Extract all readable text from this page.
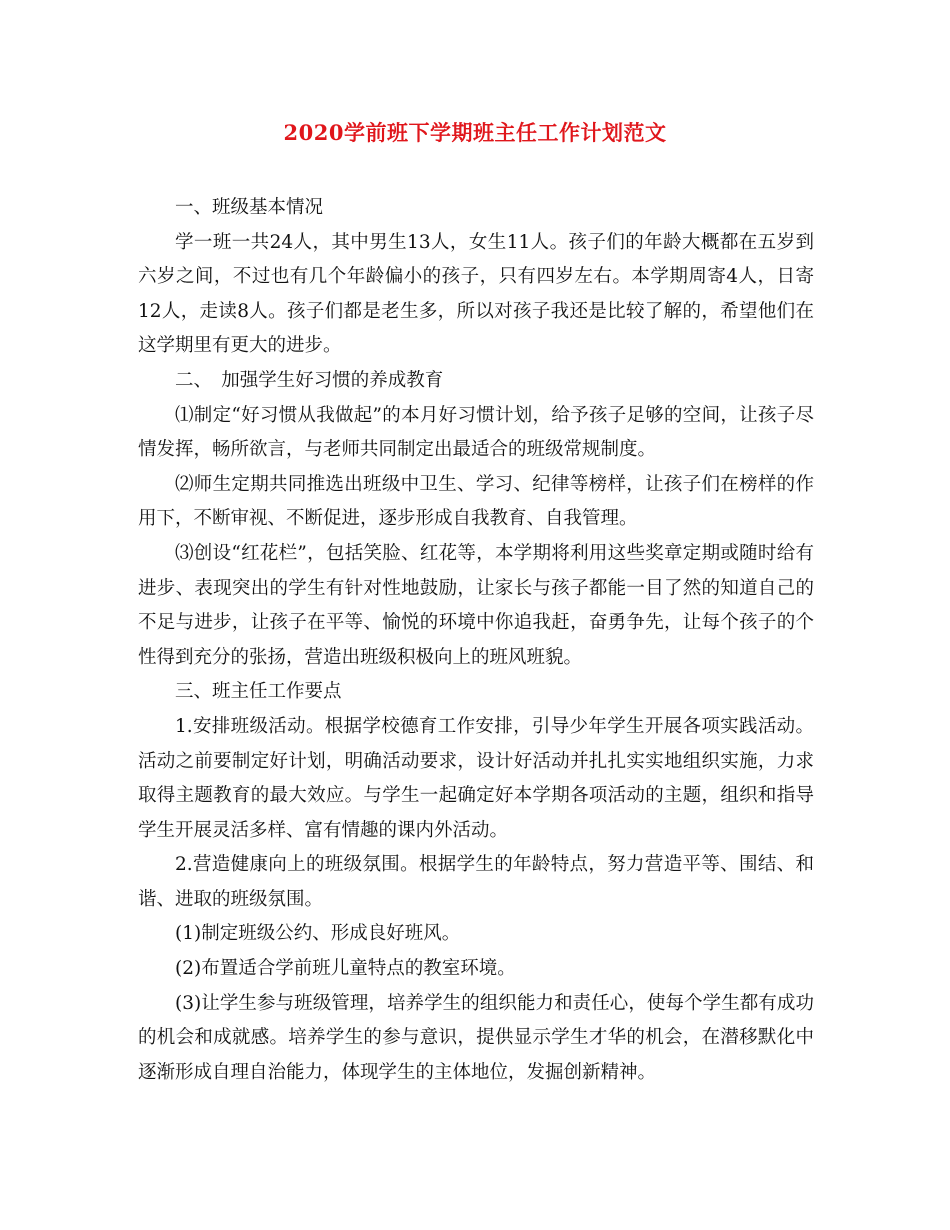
2020学前班下学期班主任工作计划范文

一、班级基本情况

学一班一共24人，其中男生13人，女生11人。孩子们的年龄大概都在五岁到六岁之间，不过也有几个年龄偏小的孩子，只有四岁左右。本学期周寄4人，日寄12人，走读8人。孩子们都是老生多，所以对孩子我还是比较了解的，希望他们在这学期里有更大的进步。

二、　加强学生好习惯的养成教育

⑴制定“好习惯从我做起”的本月好习惯计划，给予孩子足够的空间，让孩子尽情发挥，畅所欲言，与老师共同制定出最适合的班级常规制度。

⑵师生定期共同推选出班级中卫生、学习、纪律等榜样，让孩子们在榜样的作用下，不断审视、不断促进，逐步形成自我教育、自我管理。

⑶创设“红花栏”，包括笑脸、红花等，本学期将利用这些奖章定期或随时给有进步、表现突出的学生有针对性地鼓励，让家长与孩子都能一目了然的知道自己的不足与进步，让孩子在平等、愉悦的环境中你追我赶，奋勇争先，让每个孩子的个性得到充分的张扬，营造出班级积极向上的班风班貌。

三、班主任工作要点

1.安排班级活动。根据学校德育工作安排，引导少年学生开展各项实践活动。活动之前要制定好计划，明确活动要求，设计好活动并扎扎实实地组织实施，力求取得主题教育的最大效应。与学生一起确定好本学期各项活动的主题，组织和指导学生开展灵活多样、富有情趣的课内外活动。

2.营造健康向上的班级氛围。根据学生的年龄特点，努力营造平等、围结、和谐、进取的班级氛围。

(1)制定班级公约、形成良好班风。

(2)布置适合学前班儿童特点的教室环境。

(3)让学生参与班级管理，培养学生的组织能力和责任心，使每个学生都有成功的机会和成就感。培养学生的参与意识，提供显示学生才华的机会，在潜移默化中逐渐形成自理自治能力，体现学生的主体地位，发掘创新精神。
